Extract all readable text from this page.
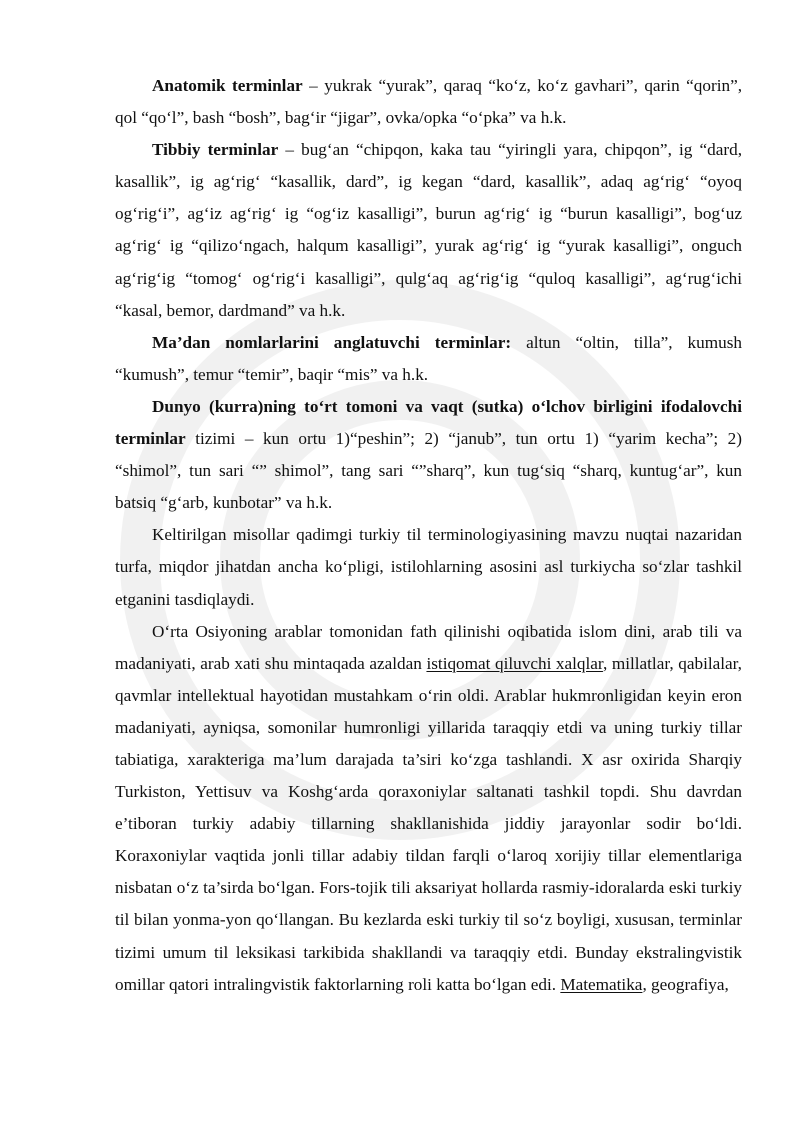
Anatomik terminlar – yukrak “yurak”, qaraq “ko‘z, ko‘z gavhari”, qarin “qorin”, qol “qo‘l”, bash “bosh”, bag‘ir “jigar”, ovka/opka “o‘pka” va h.k.

Tibbiy terminlar – bug‘an “chipqon, kaka tau “yiringli yara, chipqon”, ig “dard, kasallik”, ig ag‘rig‘ “kasallik, dard”, ig kegan “dard, kasallik”, adaq ag‘rig‘ “oyoq og‘rig‘i”, ag‘iz ag‘rig‘ ig “og‘iz kasalligi”, burun ag‘rig‘ ig “burun kasalligi”, bog‘uz ag‘rig‘ ig “qilizo‘ngach, halqum kasalligi”, yurak ag‘rig‘ ig “yurak kasalligi”, onguch ag‘rig‘ig “tomog‘ og‘rig‘i kasalligi”, qulg‘aq ag‘rig‘ig “quloq kasalligi”, ag‘rug‘ichi “kasal, bemor, dardmand” va h.k.

Ma’dan nomlarlarini anglatuvchi terminlar: altun “oltin, tilla”, kumush “kumush”, temur “temir”, baqir “mis” va h.k.

Dunyo (kurra)ning to‘rt tomoni va vaqt (sutka) o‘lchov birligini ifodalovchi terminlar tizimi – kun ortu 1)“peshin”; 2) “janub”, tun ortu 1) “yarim kecha”; 2) “shimol”, tun sari “” shimol”, tang sari “”sharq”, kun tug‘siq “sharq, kuntug‘ar”, kun batsiq “g‘arb, kunbotar” va h.k.

Keltirilgan misollar qadimgi turkiy til terminologiyasining mavzu nuqtai nazaridan turfa, miqdor jihatdan ancha ko‘pligi, istilohlarning asosini asl turkiycha so‘zlar tashkil etganini tasdiqlaydi.

O‘rta Osiyoning arablar tomonidan fath qilinishi oqibatida islom dini, arab tili va madaniyati, arab xati shu mintaqada azaldan istiqomat qiluvchi xalqlar, millatlar, qabilalar, qavmlar intellektual hayotidan mustahkam o‘rin oldi. Arablar hukmronligidan keyin eron madaniyati, ayniqsa, somonilar humronligi yillarida taraqqiy etdi va uning turkiy tillar tabiatiga, xarakteriga ma’lum darajada ta’siri ko‘zga tashlandi. X asr oxirida Sharqiy Turkiston, Yettisuv va Koshg‘arda qoraxoniylar saltanati tashkil topdi. Shu davrdan e’tiboran turkiy adabiy tillarning shakllanishida jiddiy jarayonlar sodir bo‘ldi. Koraxoniylar vaqtida jonli tillar adabiy tildan farqli o‘laroq xorijiy tillar elementlariga nisbatan o‘z ta’sirda bo‘lgan. Fors-tojik tili aksariyat hollarda rasmiy-idoralarda eski turkiy til bilan yonma-yon qo‘llangan. Bu kezlarda eski turkiy til so‘z boyligi, xususan, terminlar tizimi umum til leksikasi tarkibida shakllandi va taraqqiy etdi. Bunday ekstralingvistik omillar qatori intralingvistik faktorlarning roli katta bo‘lgan edi. Matematika, geografiya,
